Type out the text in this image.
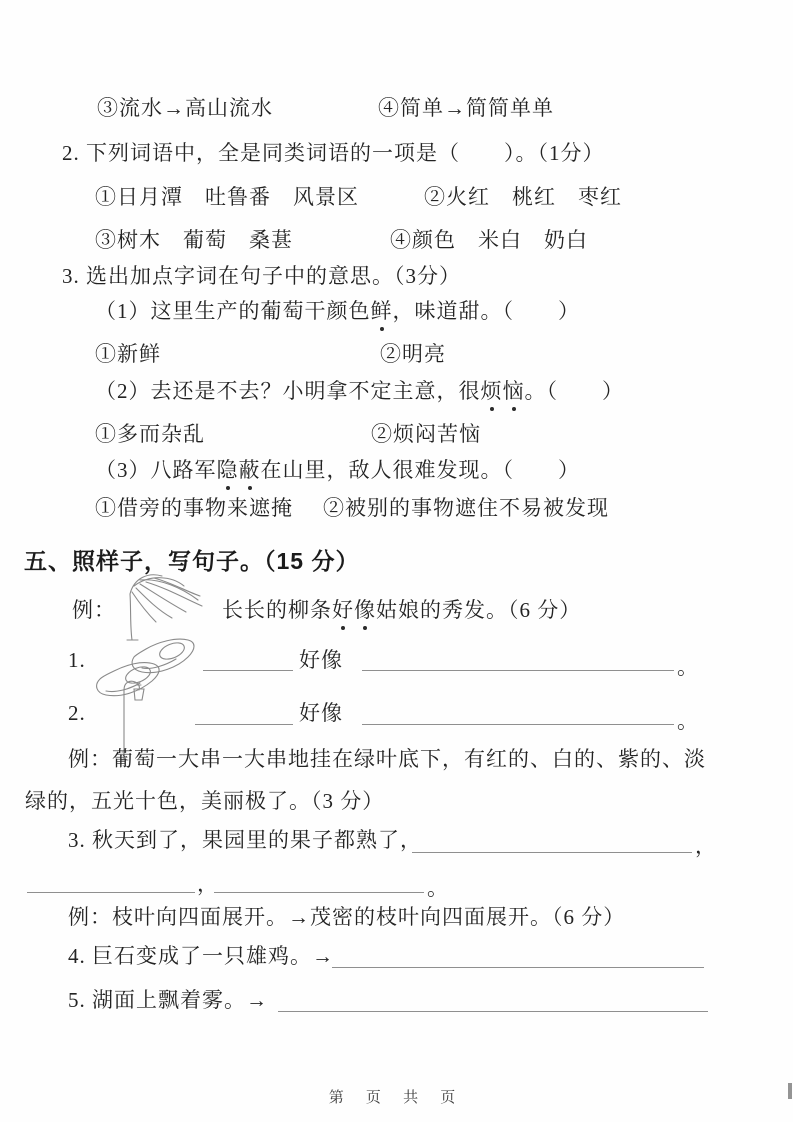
③流水→高山流水	④简单→简简单单
2. 下列词语中，全是同类词语的一项是（　　）。（1分）
①日月潭　吐鲁番　风景区	②火红　桃红　枣红
③树木　葡萄　桑葚	④颜色　米白　奶白
3. 选出加点字词在句子中的意思。（3分）
（1）这里生产的葡萄干颜色鲜，味道甜。（　　）
①新鲜	②明亮
（2）去还是不去？小明拿不定主意，很烦恼。（　　）
①多而杂乱	②烦闷苦恼
（3）八路军隐蔽在山里，敌人很难发现。（　　）
①借旁的事物来遮掩 ②被别的事物遮住不易被发现
五、照样子，写句子。（15 分）
例：	长长的柳条好像姑娘的秀发。（6 分）
1.	好像	。
2.	好像	。
例：葡萄一大串一大串地挂在绿叶底下，有红的、白的、紫的、淡
绿的，五光十色，美丽极了。（3 分）
3. 秋天到了，果园里的果子都熟了，	，
，	。
例：枝叶向四面展开。→茂密的枝叶向四面展开。（6 分）
4. 巨石变成了一只雄鸡。→
5. 湖面上飘着雾。→
第 页 共 页
